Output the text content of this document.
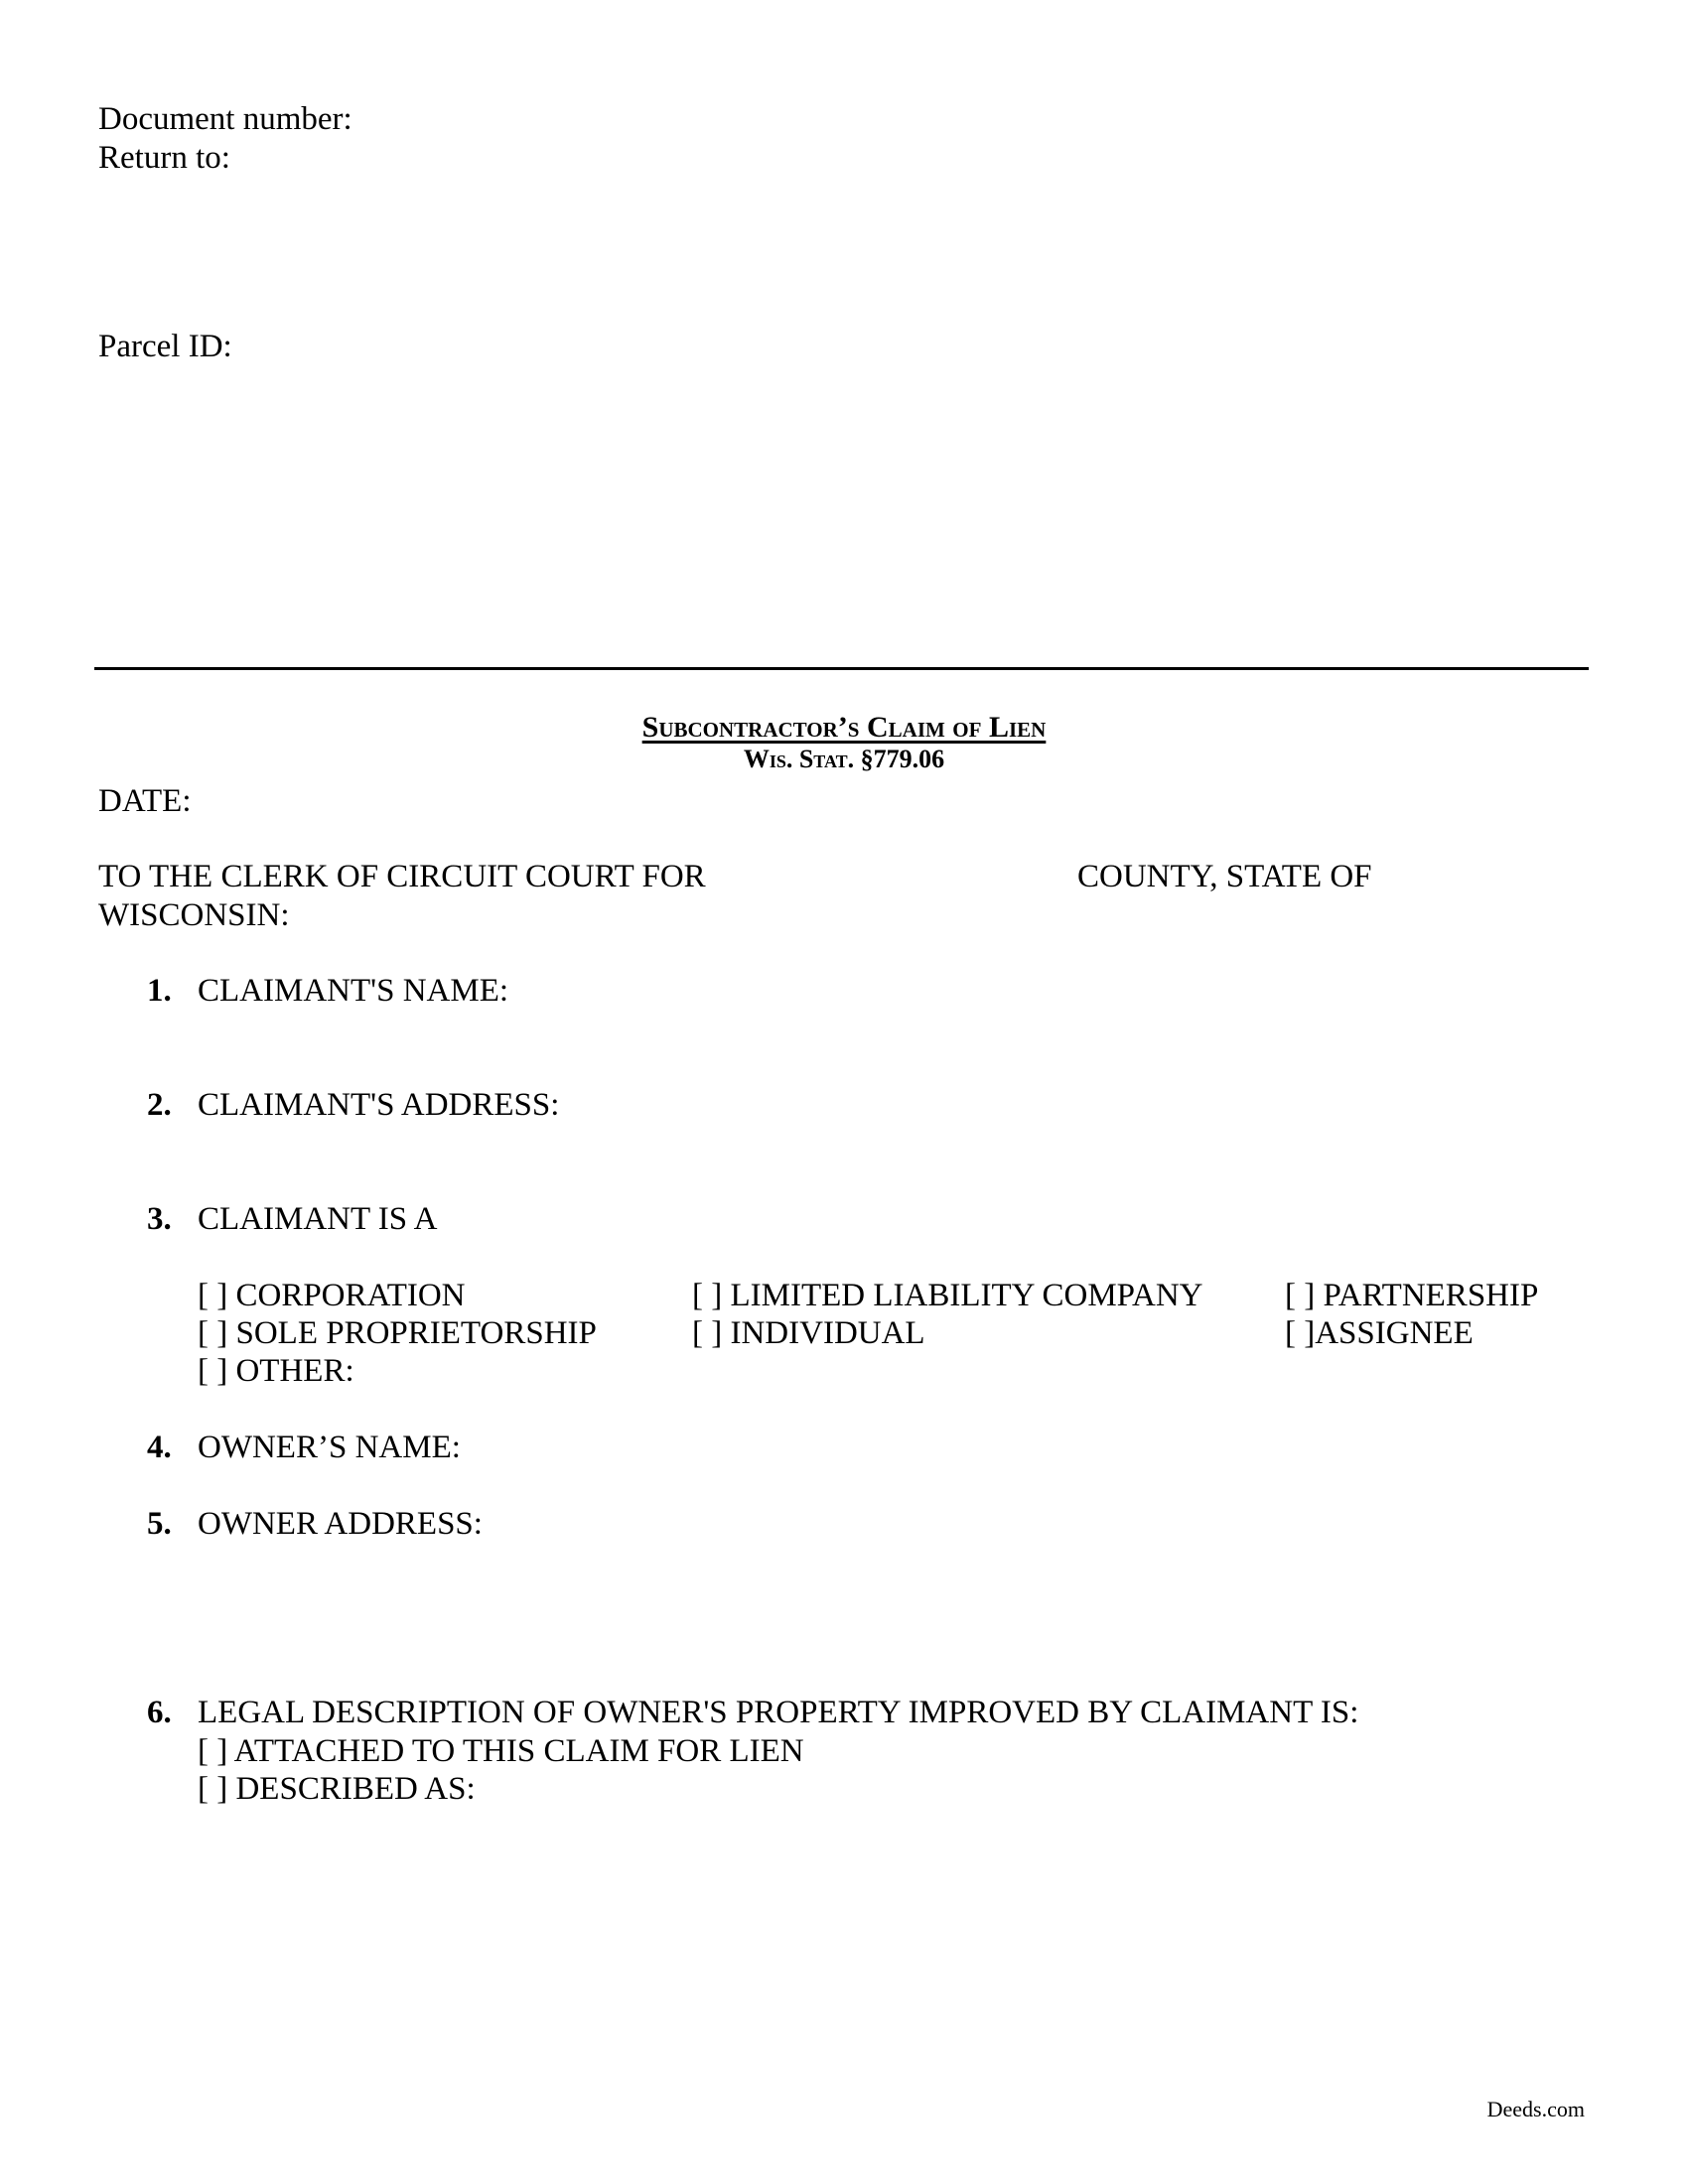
Document number:
Return to:
Parcel ID:
Subcontractor’s Claim of Lien
Wis. Stat. §779.06
DATE:
TO THE CLERK OF CIRCUIT COURT FOR	COUNTY, STATE OF
WISCONSIN:
1. CLAIMANT'S NAME:
2. CLAIMANT'S ADDRESS:
3. CLAIMANT IS A
[ ] CORPORATION	[ ] LIMITED LIABILITY COMPANY	[ ] PARTNERSHIP
[ ] SOLE PROPRIETORSHIP	[ ] INDIVIDUAL	[ ]ASSIGNEE
[ ] OTHER:
4. OWNER’S NAME:
5. OWNER ADDRESS:
6. LEGAL DESCRIPTION OF OWNER'S PROPERTY IMPROVED BY CLAIMANT IS:
[ ] ATTACHED TO THIS CLAIM FOR LIEN
[ ] DESCRIBED AS:
Deeds.com
